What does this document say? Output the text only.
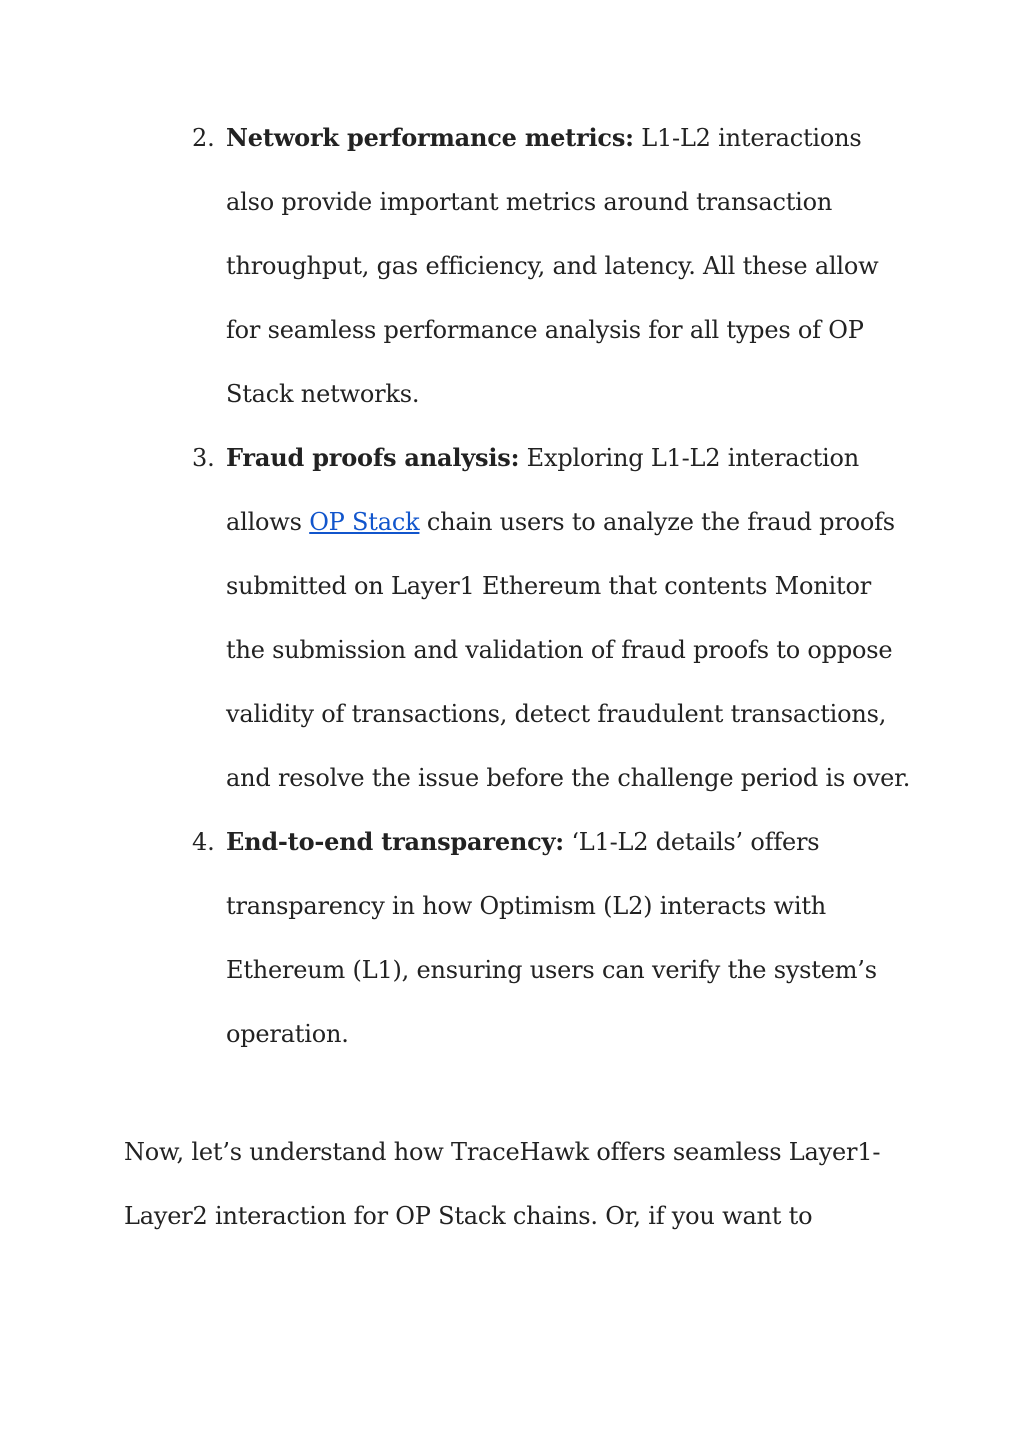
2. Network performance metrics: L1-L2 interactions also provide important metrics around transaction throughput, gas efficiency, and latency. All these allow for seamless performance analysis for all types of OP Stack networks.
3. Fraud proofs analysis: Exploring L1-L2 interaction allows OP Stack chain users to analyze the fraud proofs submitted on Layer1 Ethereum that contents Monitor the submission and validation of fraud proofs to oppose validity of transactions, detect fraudulent transactions, and resolve the issue before the challenge period is over.
4. End-to-end transparency: ‘L1-L2 details’ offers transparency in how Optimism (L2) interacts with Ethereum (L1), ensuring users can verify the system’s operation.

Now, let’s understand how TraceHawk offers seamless Layer1-Layer2 interaction for OP Stack chains. Or, if you want to
